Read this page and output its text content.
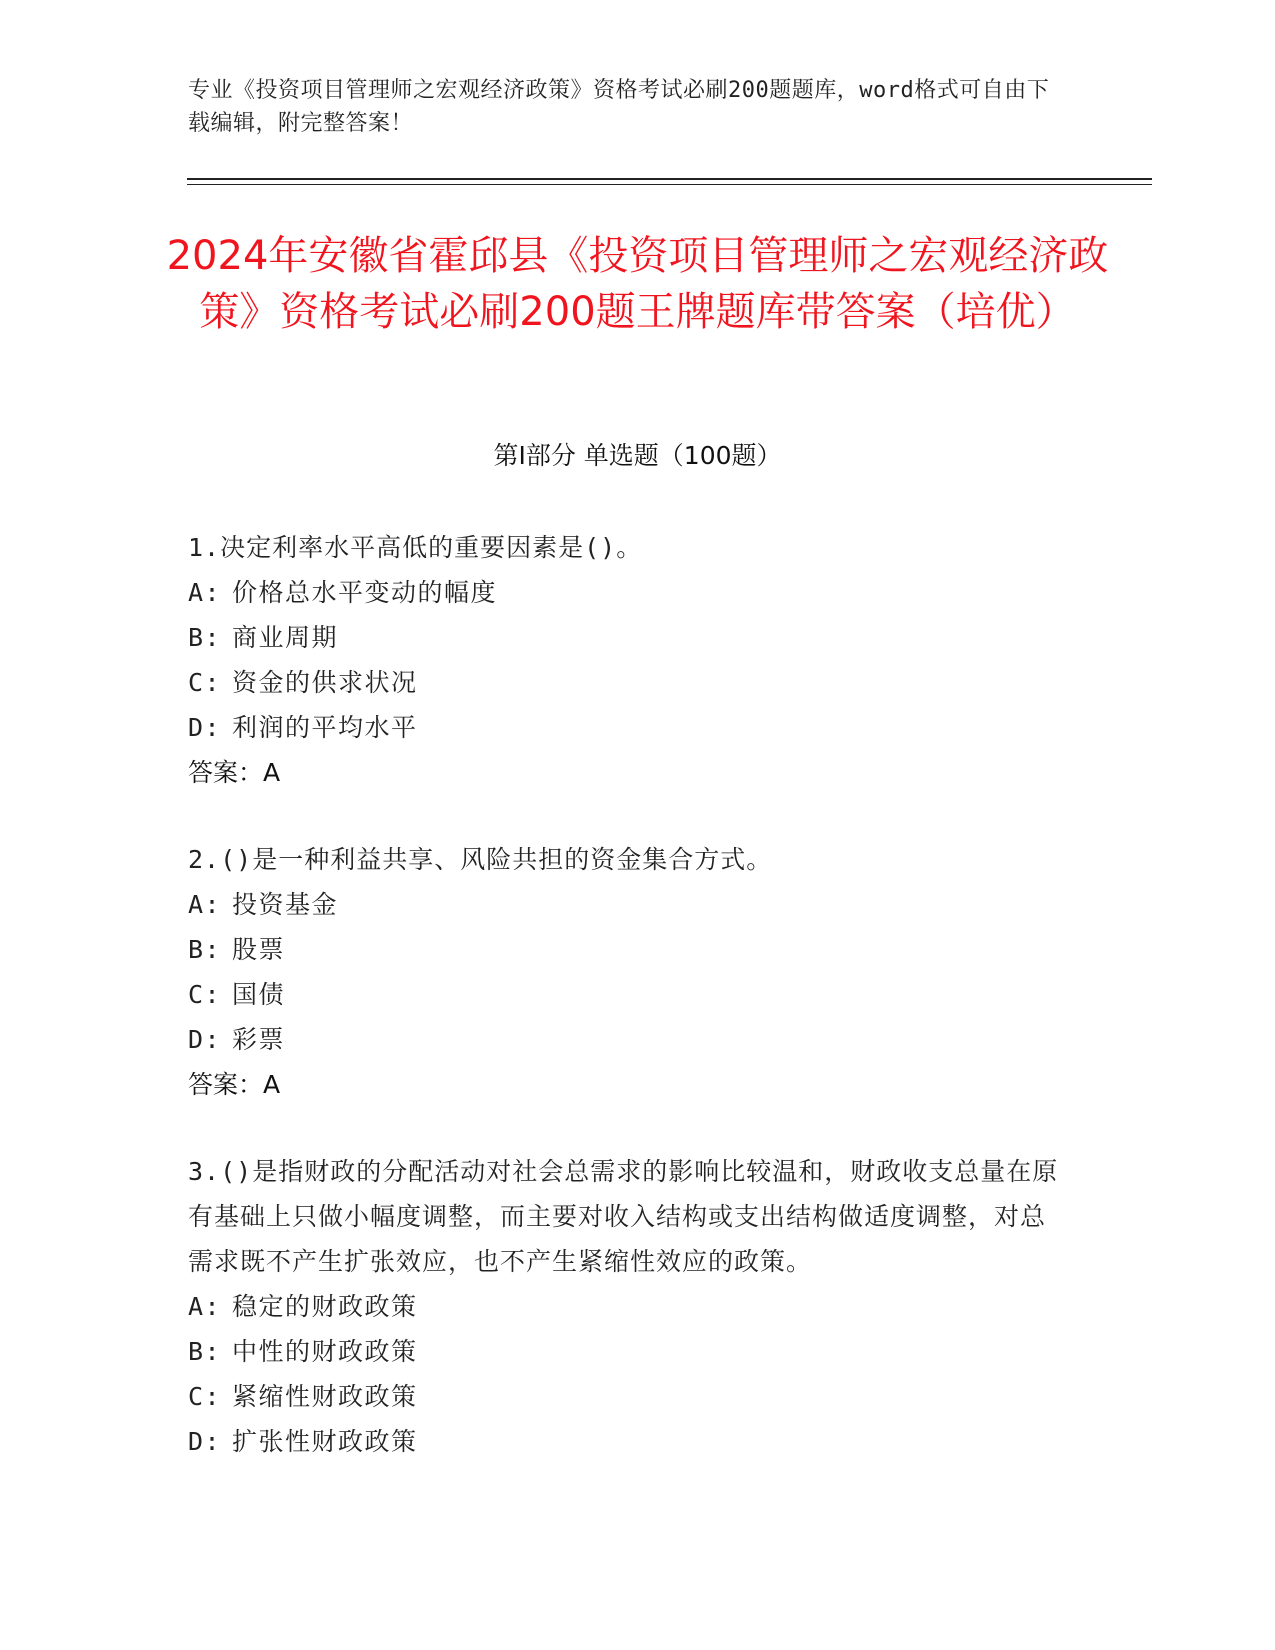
专业《投资项目管理师之宏观经济政策》资格考试必刷200题题库，word格式可自由下载编辑，附完整答案！
2024年安徽省霍邱县《投资项目管理师之宏观经济政策》资格考试必刷200题王牌题库带答案（培优）
第Ⅰ部分 单选题（100题）

1.决定利率水平高低的重要因素是()。

A: 价格总水平变动的幅度

B: 商业周期

C: 资金的供求状况

D: 利润的平均水平

答案：A

2.()是一种利益共享、风险共担的资金集合方式。

A: 投资基金

B: 股票

C: 国债

D: 彩票

答案：A

3.()是指财政的分配活动对社会总需求的影响比较温和，财政收支总量在原有基础上只做小幅度调整，而主要对收入结构或支出结构做适度调整，对总需求既不产生扩张效应，也不产生紧缩性效应的政策。

A: 稳定的财政政策

B: 中性的财政政策

C: 紧缩性财政政策

D: 扩张性财政政策
